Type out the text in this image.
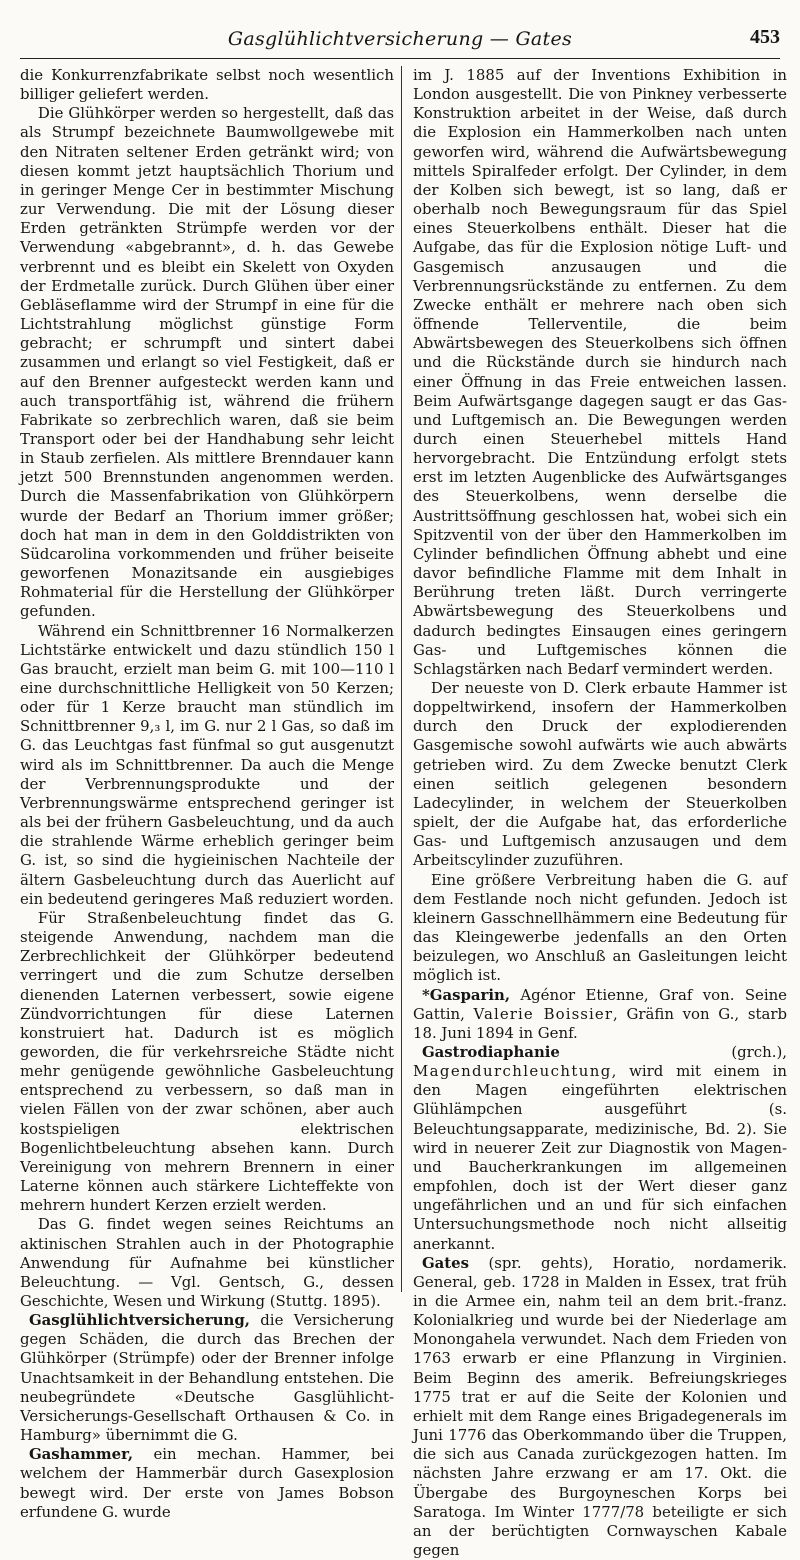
Gasglühlichtversicherung — Gates	453

die Konkurrenzfabrikate selbst noch wesentlich billiger geliefert werden.

Die Glühkörper werden so hergestellt, daß das als Strumpf bezeichnete Baumwollgewebe mit den Nitraten seltener Erden getränkt wird; von diesen kommt jetzt hauptsächlich Thorium und in geringer Menge Cer in bestimmter Mischung zur Verwendung. Die mit der Lösung dieser Erden getränkten Strümpfe werden vor der Verwendung «abgebrannt», d. h. das Gewebe verbrennt und es bleibt ein Skelett von Oxyden der Erdmetalle zurück. Durch Glühen über einer Gebläseflamme wird der Strumpf in eine für die Lichtstrahlung möglichst günstige Form gebracht; er schrumpft und sintert dabei zusammen und erlangt so viel Festigkeit, daß er auf den Brenner aufgesteckt werden kann und auch transportfähig ist, während die frühern Fabrikate so zerbrechlich waren, daß sie beim Transport oder bei der Handhabung sehr leicht in Staub zerfielen. Als mittlere Brenndauer kann jetzt 500 Brennstunden angenommen werden. Durch die Massenfabrikation von Glühkörpern wurde der Bedarf an Thorium immer größer; doch hat man in dem in den Golddistrikten von Südcarolina vorkommenden und früher beiseite geworfenen Monazitsande ein ausgiebiges Rohmaterial für die Herstellung der Glühkörper gefunden.

Während ein Schnittbrenner 16 Normalkerzen Lichtstärke entwickelt und dazu stündlich 150 l Gas braucht, erzielt man beim G. mit 100—110 l eine durchschnittliche Helligkeit von 50 Kerzen; oder für 1 Kerze braucht man stündlich im Schnittbrenner 9,₃ l, im G. nur 2 l Gas, so daß im G. das Leuchtgas fast fünfmal so gut ausgenutzt wird als im Schnittbrenner. Da auch die Menge der Verbrennungsprodukte und der Verbrennungswärme entsprechend geringer ist als bei der frühern Gasbeleuchtung, und da auch die strahlende Wärme erheblich geringer beim G. ist, so sind die hygieinischen Nachteile der ältern Gasbeleuchtung durch das Auerlicht auf ein bedeutend geringeres Maß reduziert worden.

Für Straßenbeleuchtung findet das G. steigende Anwendung, nachdem man die Zerbrechlichkeit der Glühkörper bedeutend verringert und die zum Schutze derselben dienenden Laternen verbessert, sowie eigene Zündvorrichtungen für diese Laternen konstruiert hat. Dadurch ist es möglich geworden, die für verkehrsreiche Städte nicht mehr genügende gewöhnliche Gasbeleuchtung entsprechend zu verbessern, so daß man in vielen Fällen von der zwar schönen, aber auch kostspieligen elektrischen Bogenlichtbeleuchtung absehen kann. Durch Vereinigung von mehrern Brennern in einer Laterne können auch stärkere Lichteffekte von mehrern hundert Kerzen erzielt werden.

Das G. findet wegen seines Reichtums an aktinischen Strahlen auch in der Photographie Anwendung für Aufnahme bei künstlicher Beleuchtung. — Vgl. Gentsch, G., dessen Geschichte, Wesen und Wirkung (Stuttg. 1895).

Gasglühlichtversicherung, die Versicherung gegen Schäden, die durch das Brechen der Glühkörper (Strümpfe) oder der Brenner infolge Unachtsamkeit in der Behandlung entstehen. Die neubegründete «Deutsche Gasglühlicht-Versicherungs-Gesellschaft Orthausen & Co. in Hamburg» übernimmt die G.

Gashammer, ein mechan. Hammer, bei welchem der Hammerbär durch Gasexplosion bewegt wird. Der erste von James Bobson erfundene G. wurde

im J. 1885 auf der Inventions Exhibition in London ausgestellt. Die von Pinkney verbesserte Konstruktion arbeitet in der Weise, daß durch die Explosion ein Hammerkolben nach unten geworfen wird, während die Aufwärtsbewegung mittels Spiralfeder erfolgt. Der Cylinder, in dem der Kolben sich bewegt, ist so lang, daß er oberhalb noch Bewegungsraum für das Spiel eines Steuerkolbens enthält. Dieser hat die Aufgabe, das für die Explosion nötige Luft- und Gasgemisch anzusaugen und die Verbrennungsrückstände zu entfernen. Zu dem Zwecke enthält er mehrere nach oben sich öffnende Tellerventile, die beim Abwärtsbewegen des Steuerkolbens sich öffnen und die Rückstände durch sie hindurch nach einer Öffnung in das Freie entweichen lassen. Beim Aufwärtsgange dagegen saugt er das Gas- und Luftgemisch an. Die Bewegungen werden durch einen Steuerhebel mittels Hand hervorgebracht. Die Entzündung erfolgt stets erst im letzten Augenblicke des Aufwärtsganges des Steuerkolbens, wenn derselbe die Austrittsöffnung geschlossen hat, wobei sich ein Spitzventil von der über den Hammerkolben im Cylinder befindlichen Öffnung abhebt und eine davor befindliche Flamme mit dem Inhalt in Berührung treten läßt. Durch verringerte Abwärtsbewegung des Steuerkolbens und dadurch bedingtes Einsaugen eines geringern Gas- und Luftgemisches können die Schlagstärken nach Bedarf vermindert werden.

Der neueste von D. Clerk erbaute Hammer ist doppeltwirkend, insofern der Hammerkolben durch den Druck der explodierenden Gasgemische sowohl aufwärts wie auch abwärts getrieben wird. Zu dem Zwecke benutzt Clerk einen seitlich gelegenen besondern Ladecylinder, in welchem der Steuerkolben spielt, der die Aufgabe hat, das erforderliche Gas- und Luftgemisch anzusaugen und dem Arbeitscylinder zuzuführen.

Eine größere Verbreitung haben die G. auf dem Festlande noch nicht gefunden. Jedoch ist kleinern Gasschnellhämmern eine Bedeutung für das Kleingewerbe jedenfalls an den Orten beizulegen, wo Anschluß an Gasleitungen leicht möglich ist.

*Gasparin, Agénor Etienne, Graf von. Seine Gattin, Valerie Boissier, Gräfin von G., starb 18. Juni 1894 in Genf.

Gastrodiaphanie (grch.), Magendurchleuchtung, wird mit einem in den Magen eingeführten elektrischen Glühlämpchen ausgeführt (s. Beleuchtungsapparate, medizinische, Bd. 2). Sie wird in neuerer Zeit zur Diagnostik von Magen- und Baucherkrankungen im allgemeinen empfohlen, doch ist der Wert dieser ganz ungefährlichen und an und für sich einfachen Untersuchungsmethode noch nicht allseitig anerkannt.

Gates (spr. gehts), Horatio, nordamerik. General, geb. 1728 in Malden in Essex, trat früh in die Armee ein, nahm teil an dem brit.-franz. Kolonialkrieg und wurde bei der Niederlage am Monongahela verwundet. Nach dem Frieden von 1763 erwarb er eine Pflanzung in Virginien. Beim Beginn des amerik. Befreiungskrieges 1775 trat er auf die Seite der Kolonien und erhielt mit dem Range eines Brigadegenerals im Juni 1776 das Oberkommando über die Truppen, die sich aus Canada zurückgezogen hatten. Im nächsten Jahre erzwang er am 17. Okt. die Übergabe des Burgoyneschen Korps bei Saratoga. Im Winter 1777/78 beteiligte er sich an der berüchtigten Cornwayschen Kabale gegen
